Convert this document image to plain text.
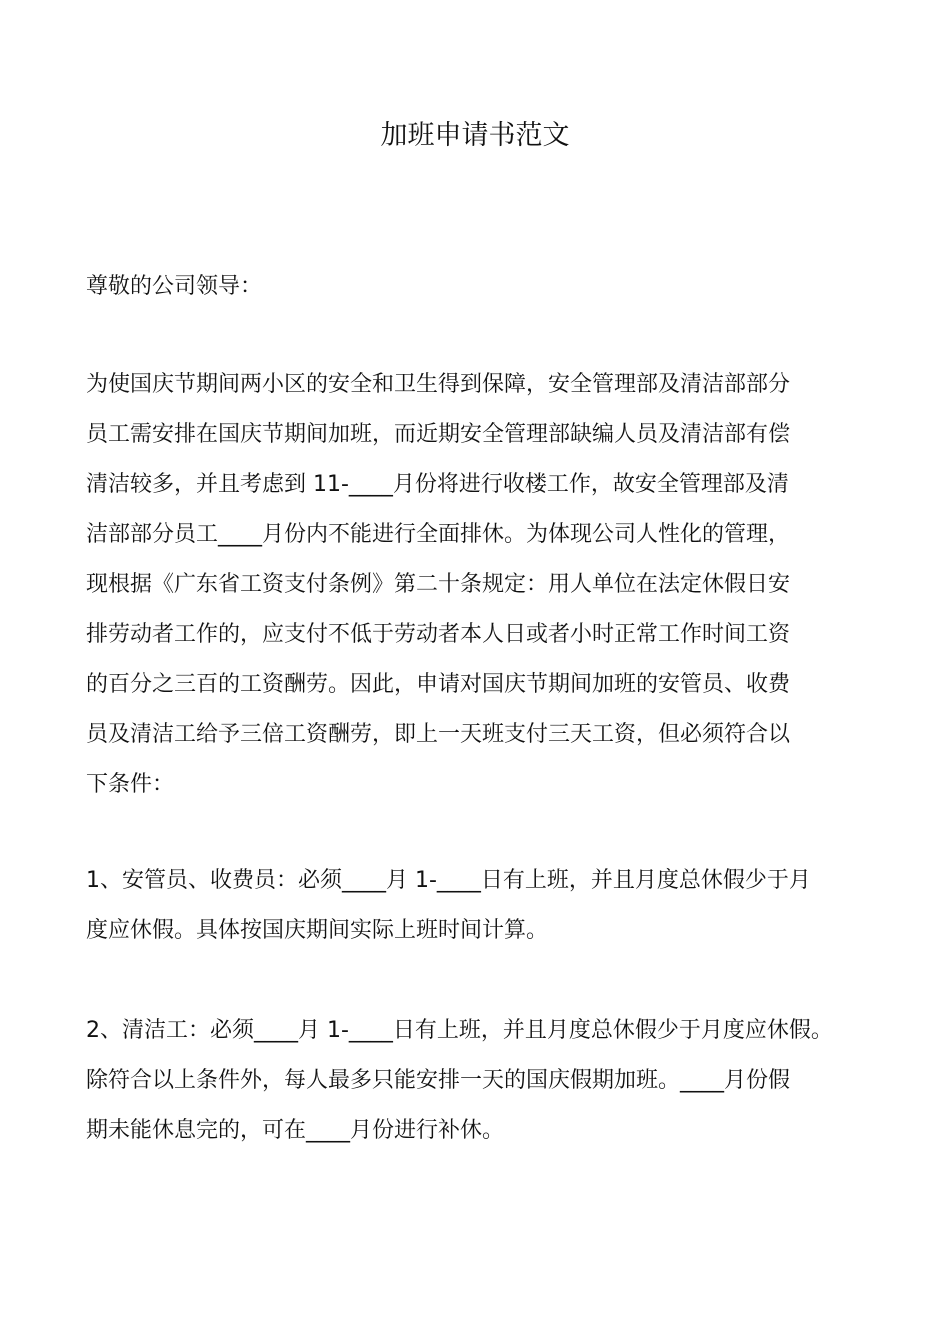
加班申请书范文

尊敬的公司领导：

为使国庆节期间两小区的安全和卫生得到保障，安全管理部及清洁部部分
员工需安排在国庆节期间加班，而近期安全管理部缺编人员及清洁部有偿
清洁较多，并且考虑到 11-____月份将进行收楼工作，故安全管理部及清
洁部部分员工____月份内不能进行全面排休。为体现公司人性化的管理，
现根据《广东省工资支付条例》第二十条规定：用人单位在法定休假日安
排劳动者工作的，应支付不低于劳动者本人日或者小时正常工作时间工资
的百分之三百的工资酬劳。因此，申请对国庆节期间加班的安管员、收费
员及清洁工给予三倍工资酬劳，即上一天班支付三天工资，但必须符合以
下条件：

1、安管员、收费员：必须____月 1-____日有上班，并且月度总休假少于月
度应休假。具体按国庆期间实际上班时间计算。

2、清洁工：必须____月 1-____日有上班，并且月度总休假少于月度应休假。
除符合以上条件外，每人最多只能安排一天的国庆假期加班。____月份假
期未能休息完的，可在____月份进行补休。
